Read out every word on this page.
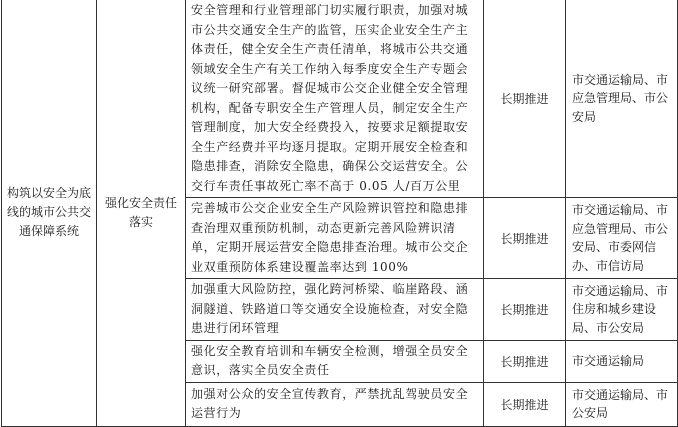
构筑以安全为底线的城市公共交通保障系统	强化安全责任落实	安全管理和行业管理部门切实履行职责，加强对城市公共交通安全生产的监管，压实企业安全生产主体责任，健全安全生产责任清单，将城市公共交通领域安全生产有关工作纳入每季度安全生产专题会议统一研究部署。督促城市公交企业健全安全管理机构，配备专职安全生产管理人员，制定安全生产管理制度，加大安全经费投入，按要求足额提取安全生产经费并平均逐月提取。定期开展安全检查和隐患排查，消除安全隐患，确保公交运营安全。公交行车责任事故死亡率不高于 0.05 人/百万公里	长期推进	市交通运输局、市应急管理局、市公安局
		完善城市公交企业安全生产风险辨识管控和隐患排查治理双重预防机制，动态更新完善风险辨识清单，定期开展运营安全隐患排查治理。城市公交企业双重预防体系建设覆盖率达到 100%	长期推进	市交通运输局、市应急管理局、市公安局、市委网信办、市信访局
		加强重大风险防控，强化跨河桥梁、临崖路段、涵洞隧道、铁路道口等交通安全设施检查，对安全隐患进行闭环管理	长期推进	市交通运输局、市住房和城乡建设局、市公安局
		强化安全教育培训和车辆安全检测，增强全员安全意识，落实全员安全责任	长期推进	市交通运输局
		加强对公众的安全宣传教育，严禁扰乱驾驶员安全运营行为	长期推进	市交通运输局、市公安局
